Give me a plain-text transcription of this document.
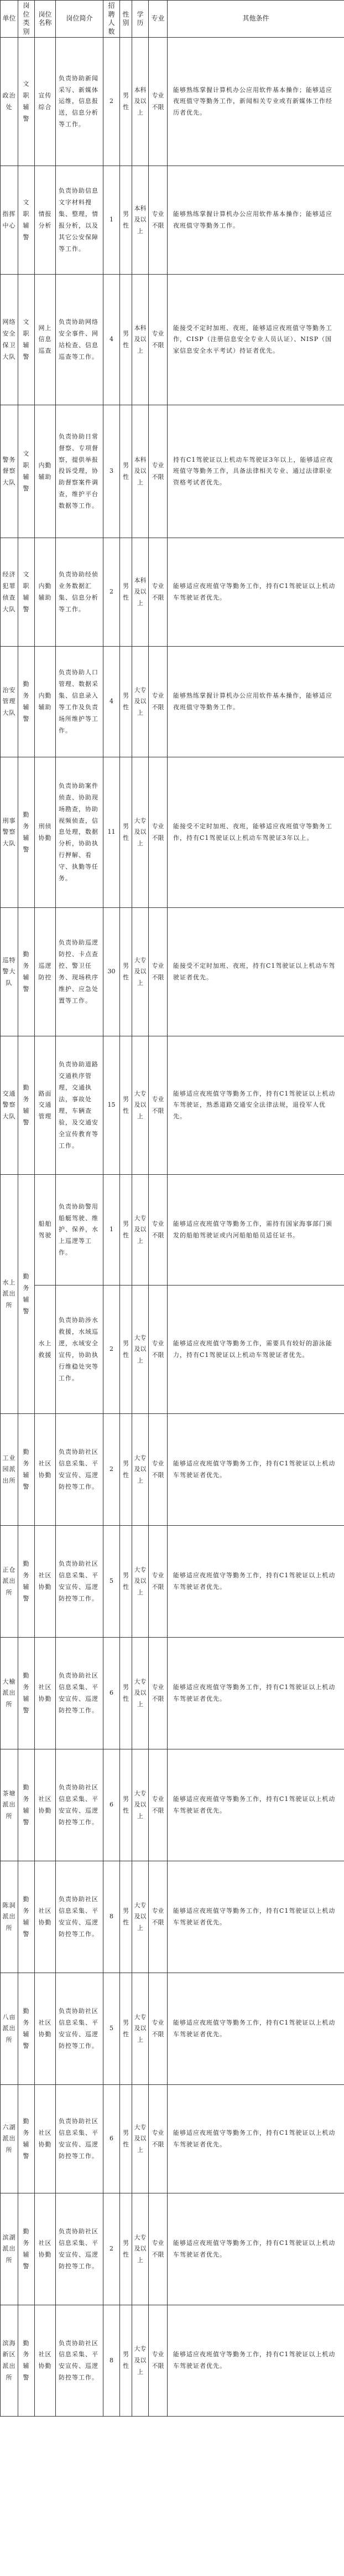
单位	岗位类别	岗位名称	岗位简介	招聘人数	性别	学历	专业	其他条件
政治处	文职辅警	宣传综合	负责协助新闻采写、新媒体运维，信息报送，信息分析等工作。	2	男性	本科及以上	专业不限	能够熟练掌握计算机办公应用软件基本操作；能够适应夜班值守等勤务工作，新闻相关专业或有新媒体工作经历者优先。
指挥中心	文职辅警	情报分析	负责协助信息文字材料搜集、整理，情报分析，以及其它公安保障等工作。	1	男性	本科及以上	专业不限	能够熟练掌握计算机办公应用软件基本操作；能够适应夜班值守等勤务工作。
网络安全保卫大队	文职辅警	网上信息巡查	负责协助网络安全事件、网站检查、信息巡查等工作。	4	男性	本科及以上	专业不限	能接受不定时加班、夜班，能够适应夜班值守等勤务工作，CISP（注册信息安全专业人员认证）、NISP（国家信息安全水平考试）持证者优先。
警务督察大队	文职辅警	内勤辅助	负责协助日常督察、专项督察，提供举报投诉受理，协助督察案件调查，维护平台数据等工作。	3	男性	本科及以上	专业不限	持有C1驾驶证以上机动车驾驶证3年以上，能够适应夜班值守等勤务工作，具备法律相关专业、通过法律职业资格考试者优先。
经济犯罪侦查大队	文职辅警	内勤辅助	负责协助经侦业务数据汇集、信息分析等工作。	2	男性	本科及以上	专业不限	能够适应夜班值守等勤务工作，持有C1驾驶证以上机动车驾驶证者优先。
治安管理大队	勤务辅警	内勤辅助	负责协助人口管理、数据采集、信息录入等工作及负责场所维护等工作。	4	男性	大专及以上	专业不限	能够熟练掌握计算机办公应用软件基本操作，能够适应夜班值守等勤务工作。
刑事警察大队	勤务辅警	刑侦协勤	负责协助案件侦查、协助现场勘查，协助视频侦查，信息处理，数据分析，协助执行押解、看守、执勤等任务。	11	男性	大专及以上	专业不限	能接受不定时加班、夜班，能够适应夜班值守等勤务工作，持有C1驾驶证以上机动车驾驶证3年以上。
巡特警大队	勤务辅警	巡逻防控	负责协助巡逻防控、卡点查控、警卫任务、现场秩序维护、应急处置等工作。	30	男性	大专及以上	专业不限	能接受不定时加班、夜班，持有C1驾驶证以上机动车驾驶证者优先。
交通警察大队	勤务辅警	路面交通管理	负责协助道路交通秩序管理，交通执法，事故处理，车辆查验，及交通安全宣传教育等工作。	15	男性	大专及以上	专业不限	能够适应夜班值守等勤务工作，持有C1驾驶证以上机动车驾驶证，熟悉道路交通安全法律法规，退役军人优先。
水上派出所	勤务辅警	船舶驾驶	负责协助警用船艇驾驶、维护、保养，水上巡逻等工作。	1	男性	大专及以上	专业不限	能够适应夜班值守等勤务工作，需持有国家海事部门颁发的船舶驾驶证或内河船舶船员适任证书。
		水上救援	负责协助涉水救援，水域巡逻，水域安全宣传，协助执行维稳处突等工作。	2	男性	大专及以上	专业不限	能够适应夜班值守等勤务工作，需要具有较好的游泳能力，持有C1驾驶证以上机动车驾驶证者优先。
工业园派出所	勤务辅警	社区协勤	负责协助社区信息采集、平安宣传、巡逻防控等工作。	2	男性	大专及以上	专业不限	能够适应夜班值守等勤务工作，持有C1驾驶证以上机动车驾驶证者优先。
正仓派出所	勤务辅警	社区协勤	负责协助社区信息采集、平安宣传、巡逻防控等工作。	5	男性	大专及以上	专业不限	能够适应夜班值守等勤务工作，持有C1驾驶证以上机动车驾驶证者优先。
大榆派出所	勤务辅警	社区协勤	负责协助社区信息采集、平安宣传、巡逻防控等工作。	6	男性	大专及以上	专业不限	能够适应夜班值守等勤务工作，持有C1驾驶证以上机动车驾驶证者优先。
茶塘派出所	勤务辅警	社区协勤	负责协助社区信息采集、平安宣传、巡逻防控等工作。	6	男性	大专及以上	专业不限	能够适应夜班值守等勤务工作，持有C1驾驶证以上机动车驾驶证者优先。
陈洞派出所	勤务辅警	社区协勤	负责协助社区信息采集、平安宣传、巡逻防控等工作。	8	男性	大专及以上	专业不限	能够适应夜班值守等勤务工作，持有C1驾驶证以上机动车驾驶证者优先。
八亩派出所	勤务辅警	社区协勤	负责协助社区信息采集、平安宣传、巡逻防控等工作。	5	男性	大专及以上	专业不限	能够适应夜班值守等勤务工作，持有C1驾驶证以上机动车驾驶证者优先。
六湖派出所	勤务辅警	社区协勤	负责协助社区信息采集、平安宣传、巡逻防控等工作。	6	男性	大专及以上	专业不限	能够适应夜班值守等勤务工作，持有C1驾驶证以上机动车驾驶证者优先。
滨湖派出所	勤务辅警	社区协勤	负责协助社区信息采集、平安宣传、巡逻防控等工作。	2	男性	大专及以上	专业不限	能够适应夜班值守等勤务工作，持有C1驾驶证以上机动车驾驶证者优先。
滨海新区派出所	勤务辅警	社区协勤	负责协助社区信息采集、平安宣传、巡逻防控等工作。	8	男性	大专及以上	专业不限	能够适应夜班值守等勤务工作，持有C1驾驶证以上机动车驾驶证者优先。
